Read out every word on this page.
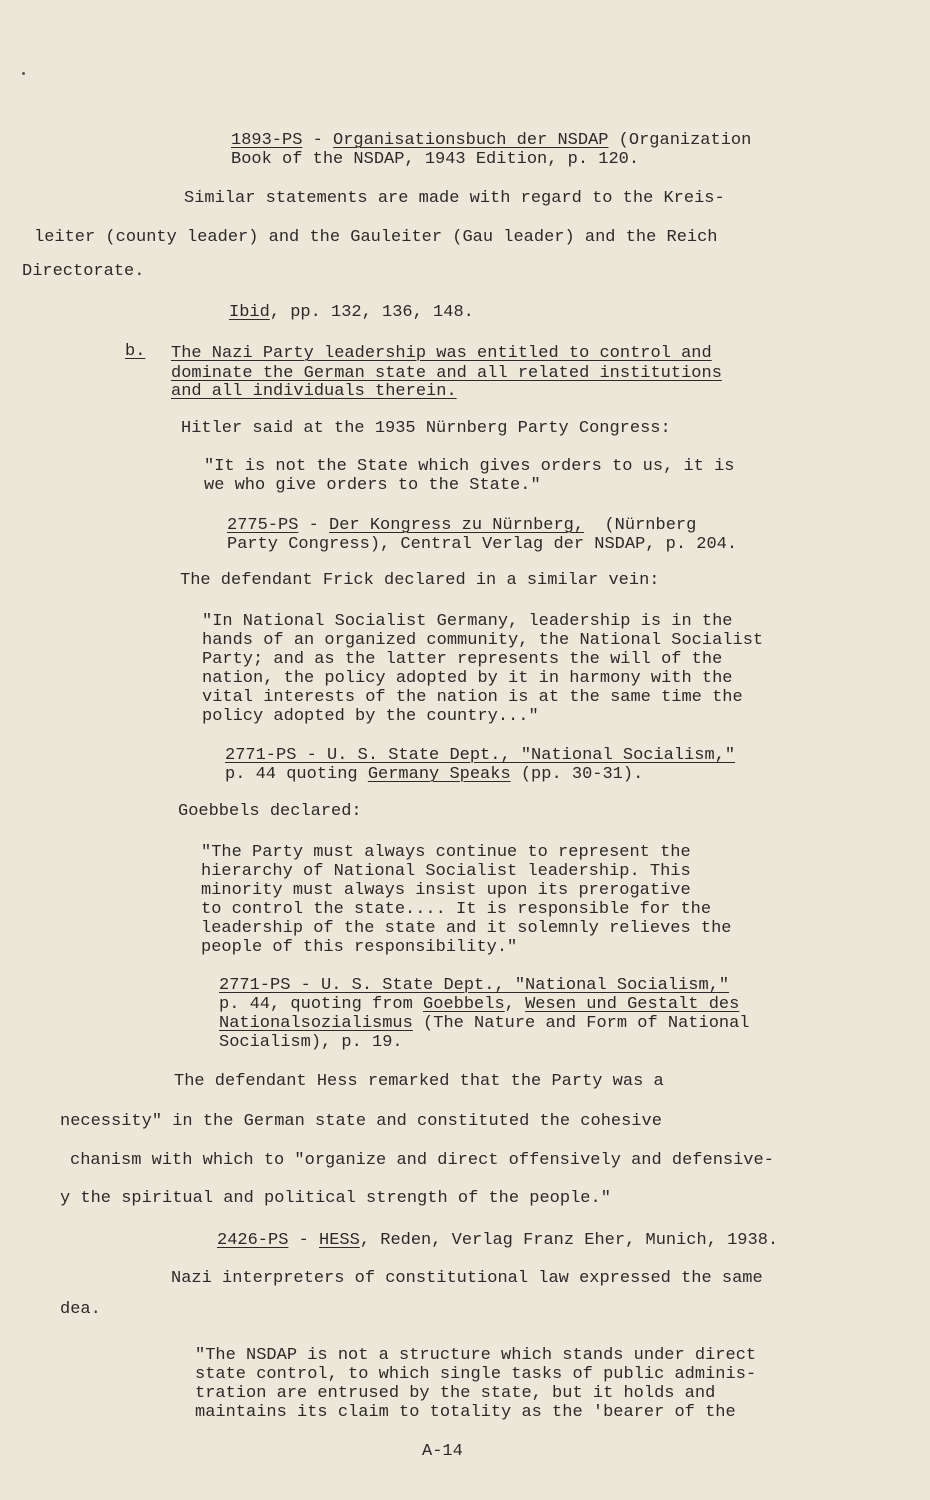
1893-PS - Organisationsbuch der NSDAP (Organization
Book of the NSDAP, 1943 Edition, p. 120.
Similar statements are made with regard to the Kreis-
leiter (county leader) and the Gauleiter (Gau leader) and the Reich
Directorate.
Ibid, pp. 132, 136, 148.
b. The Nazi Party leadership was entitled to control and
dominate the German state and all related institutions
and all individuals therein.
Hitler said at the 1935 Nürnberg Party Congress:
"It is not the State which gives orders to us, it is
we who give orders to the State."
2775-PS - Der Kongress zu Nürnberg,  (Nürnberg
Party Congress), Central Verlag der NSDAP, p. 204.
The defendant Frick declared in a similar vein:
"In National Socialist Germany, leadership is in the
hands of an organized community, the National Socialist
Party; and as the latter represents the will of the
nation, the policy adopted by it in harmony with the
vital interests of the nation is at the same time the
policy adopted by the country..."
2771-PS - U. S. State Dept., "National Socialism,"
p. 44 quoting Germany Speaks (pp. 30-31).
Goebbels declared:
"The Party must always continue to represent the
hierarchy of National Socialist leadership. This
minority must always insist upon its prerogative
to control the state.... It is responsible for the
leadership of the state and it solemnly relieves the
people of this responsibility."
2771-PS - U. S. State Dept., "National Socialism,"
p. 44, quoting from Goebbels, Wesen und Gestalt des
Nationalsozialismus (The Nature and Form of National
Socialism), p. 19.
The defendant Hess remarked that the Party was a
necessity" in the German state and constituted the cohesive
chanism with which to "organize and direct offensively and defensive-
y the spiritual and political strength of the people."
2426-PS - HESS, Reden, Verlag Franz Eher, Munich, 1938.
Nazi interpreters of constitutional law expressed the same
dea.
"The NSDAP is not a structure which stands under direct
state control, to which single tasks of public adminis-
tration are entrused by the state, but it holds and
maintains its claim to totality as the 'bearer of the
A-14
